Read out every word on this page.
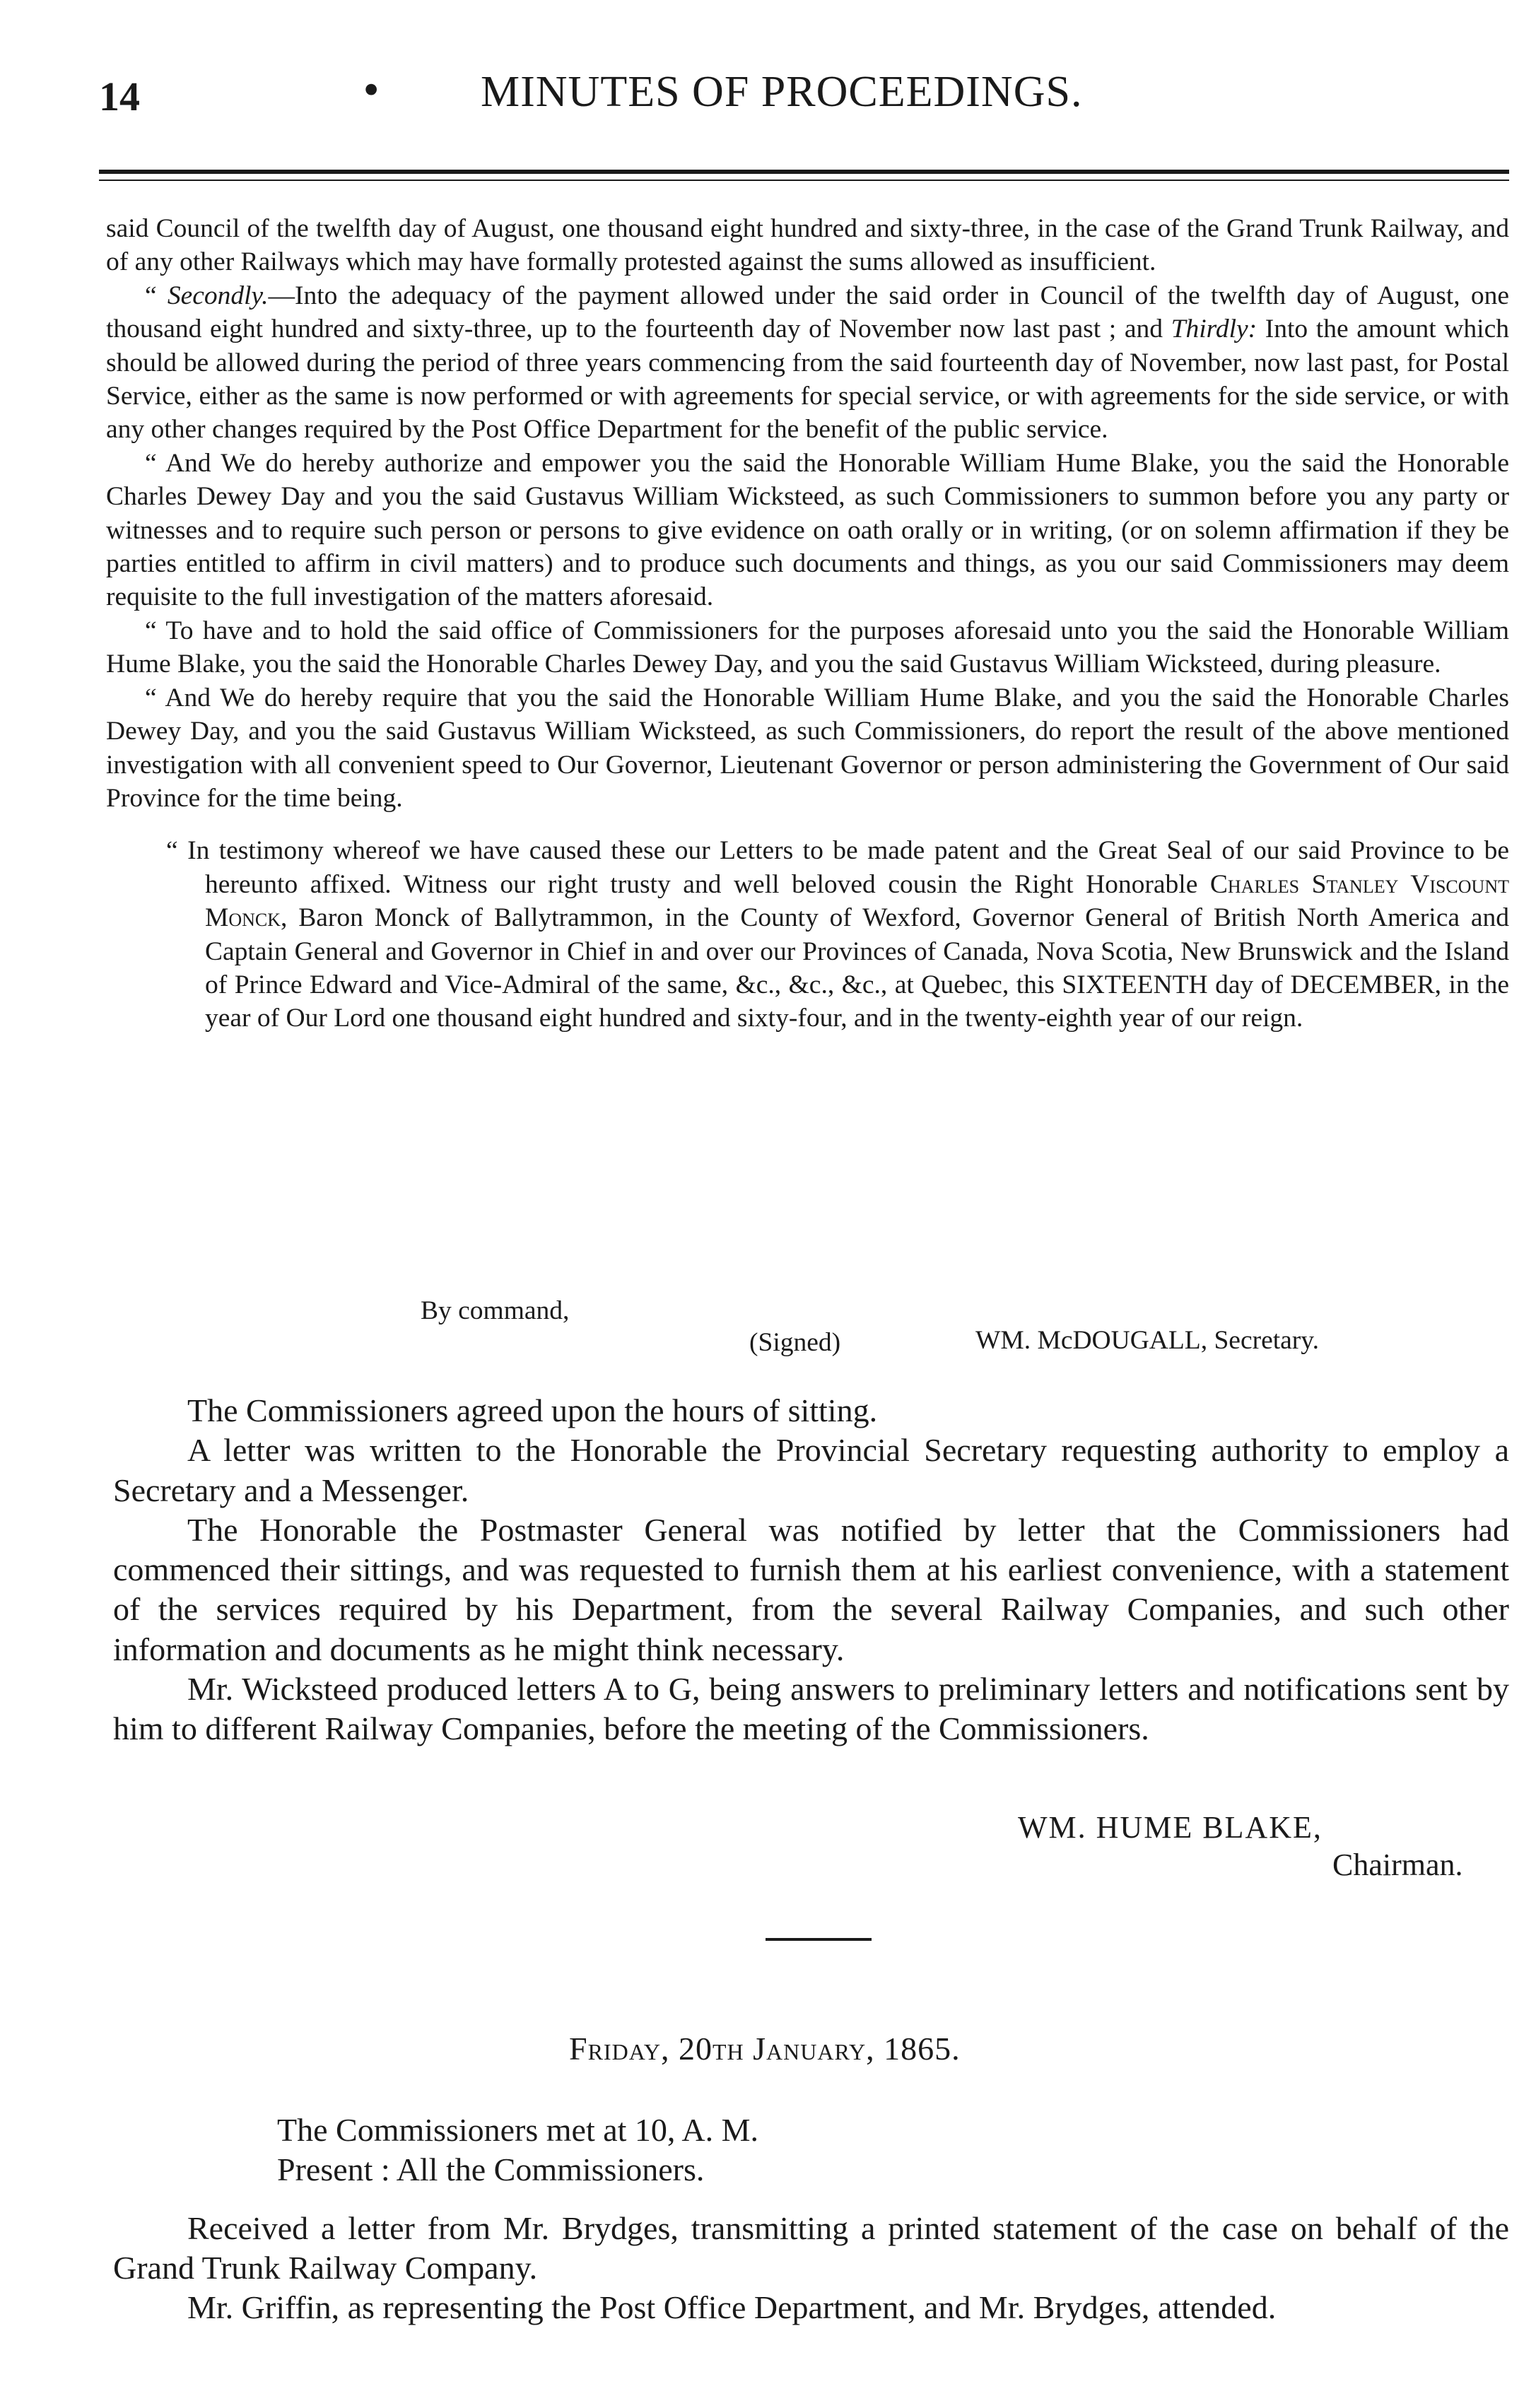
14	• MINUTES OF PROCEEDINGS.

said Council of the twelfth day of August, one thousand eight hundred and sixty-three, in the case of the Grand Trunk Railway, and of any other Railways which may have formally protested against the sums allowed as insufficient.

“ Secondly.—Into the adequacy of the payment allowed under the said order in Council of the twelfth day of August, one thousand eight hundred and sixty-three, up to the fourteenth day of November now last past ; and Thirdly: Into the amount which should be allowed during the period of three years commencing from the said fourteenth day of November, now last past, for Postal Service, either as the same is now performed or with agreements for special service, or with agreements for the side service, or with any other changes required by the Post Office Department for the benefit of the public service.

“ And We do hereby authorize and empower you the said the Honorable William Hume Blake, you the said the Honorable Charles Dewey Day and you the said Gustavus William Wicksteed, as such Commissioners to summon before you any party or witnesses and to require such person or persons to give evidence on oath orally or in writing, (or on solemn affirmation if they be parties entitled to affirm in civil matters) and to produce such documents and things, as you our said Commissioners may deem requisite to the full investigation of the matters aforesaid.

“ To have and to hold the said office of Commissioners for the purposes aforesaid unto you the said the Honorable William Hume Blake, you the said the Honorable Charles Dewey Day, and you the said Gustavus William Wicksteed, during pleasure.

“ And We do hereby require that you the said the Honorable William Hume Blake, and you the said the Honorable Charles Dewey Day, and you the said Gustavus William Wicksteed, as such Commissioners, do report the result of the above mentioned investigation with all convenient speed to Our Governor, Lieutenant Governor or person administering the Government of Our said Province for the time being.

“ In testimony whereof we have caused these our Letters to be made patent and the Great Seal of our said Province to be hereunto affixed. Witness our right trusty and well beloved cousin the Right Honorable Charles Stanley Viscount Monck, Baron Monck of Ballytrammon, in the County of Wexford, Governor General of British North America and Captain General and Governor in Chief in and over our Provinces of Canada, Nova Scotia, New Brunswick and the Island of Prince Edward and Vice-Admiral of the same, &c., &c., &c., at Quebec, this SIXTEENTH day of DECEMBER, in the year of Our Lord one thousand eight hundred and sixty-four, and in the twenty-eighth year of our reign.

By command,
(Signed)	WM. McDOUGALL, Secretary.

The Commissioners agreed upon the hours of sitting.

A letter was written to the Honorable the Provincial Secretary requesting authority to employ a Secretary and a Messenger.

The Honorable the Postmaster General was notified by letter that the Commissioners had commenced their sittings, and was requested to furnish them at his earliest convenience, with a statement of the services required by his Department, from the several Railway Companies, and such other information and documents as he might think necessary.

Mr. Wicksteed produced letters A to G, being answers to preliminary letters and notifications sent by him to different Railway Companies, before the meeting of the Commissioners.

WM. HUME BLAKE,
Chairman.
Friday, 20th January, 1865.

The Commissioners met at 10, A. M.

Present : All the Commissioners.

Received a letter from Mr. Brydges, transmitting a printed statement of the case on behalf of the Grand Trunk Railway Company.

Mr. Griffin, as representing the Post Office Department, and Mr. Brydges, attended.
